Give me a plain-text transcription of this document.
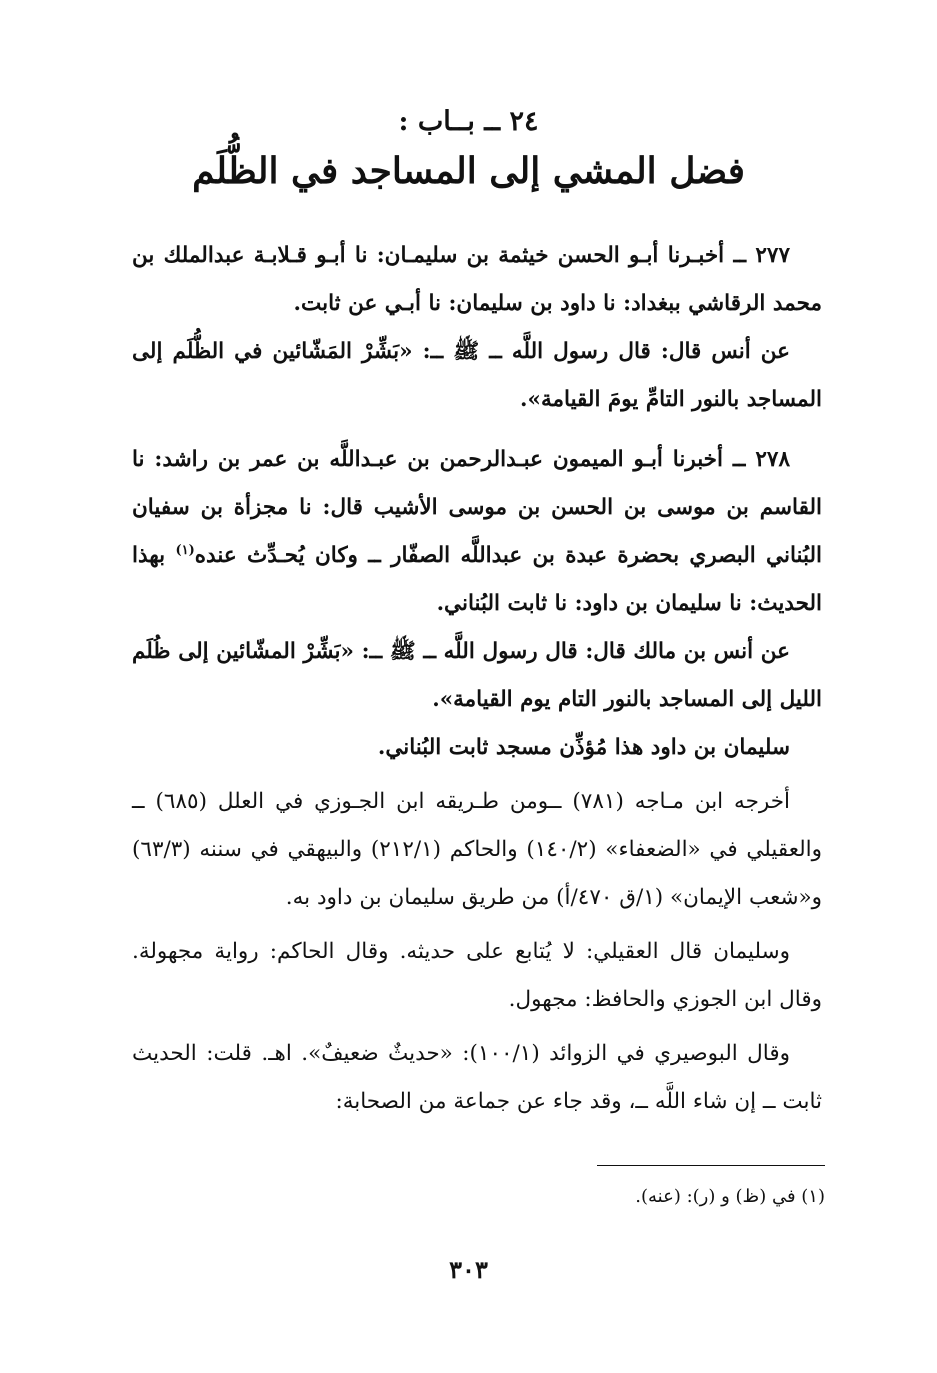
٢٤ ــ بــاب :
فضل المشي إلى المساجد في الظُّلَم

٢٧٧ ــ أخبـرنا أبـو الحسن خيثمة بن سليمـان: نا أبـو قـلابـة عبدالملك بن محمد الرقاشي ببغداد: نا داود بن سليمان: نا أبـي عن ثابت.

عن أنس قال: قال رسول اللَّه ــ ﷺ ــ: «بَشِّرْ المَشّائين في الظُّلَم إلى المساجد بالنور التامِّ يومَ القيامة».

٢٧٨ ــ أخبرنا أبـو الميمون عبـدالرحمن بن عبـداللَّه بن عمر بن راشد: نا القاسم بن موسى بن الحسن بن موسى الأشيب قال: نا مجزأة بن سفيان البُناني البصري بحضرة عبدة بن عبداللَّه الصفّار ــ وكان يُحـدِّث عنده$^{(١)}$ بهذا الحديث: نا سليمان بن داود: نا ثابت البُناني.

عن أنس بن مالك قال: قال رسول اللَّه ــ ﷺ ــ: «بَشِّرْ المشّائين إلى ظُلَم الليل إلى المساجد بالنور التام يوم القيامة».

سليمان بن داود هذا مُؤذِّن مسجد ثابت البُناني.

أخرجه ابن مـاجه (٧٨١) ــومن طـريقه ابن الجـوزي في العلل (٦٨٥) ــ والعقيلي في «الضعفاء» (١٤٠/٢) والحاكم (٢١٢/١) والبيهقي في سننه (٦٣/٣) و«شعب الإيمان» (١/ق ٤٧٠/أ) من طريق سليمان بن داود به.

وسليمان قال العقيلي: لا يُتابع على حديثه. وقال الحاكم: رواية مجهولة. وقال ابن الجوزي والحافظ: مجهول.

وقال البوصيري في الزوائد (١٠٠/١): «حديثٌ ضعيفٌ». اهـ. قلت: الحديث ثابت ــ إن شاء اللَّه ــ، وقد جاء عن جماعة من الصحابة:

(١) في (ظ) و (ر): (عنه).
٣٠٣
